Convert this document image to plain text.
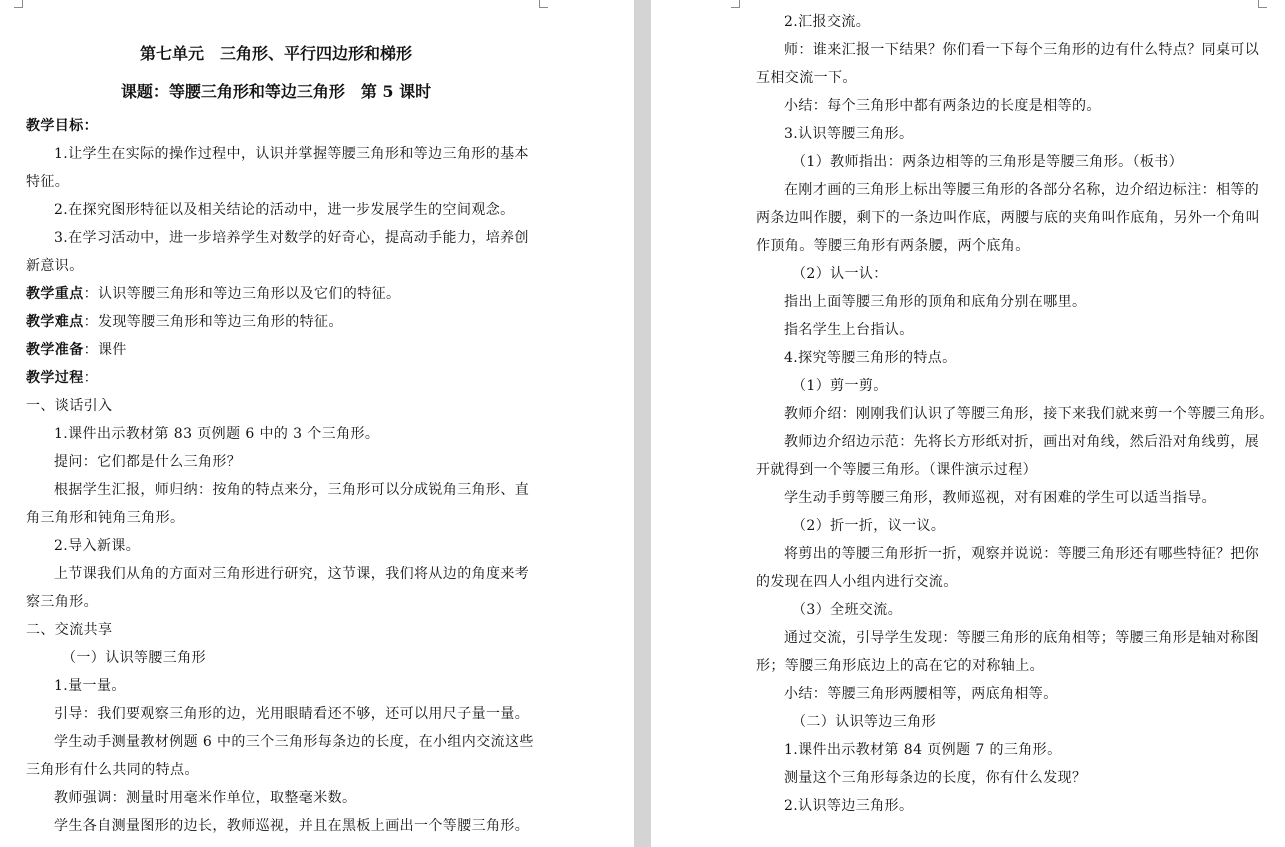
第七单元　三角形、平行四边形和梯形
课题：等腰三角形和等边三角形　第 5 课时
教学目标：
1.让学生在实际的操作过程中，认识并掌握等腰三角形和等边三角形的基本
特征。
2.在探究图形特征以及相关结论的活动中，进一步发展学生的空间观念。
3.在学习活动中，进一步培养学生对数学的好奇心，提高动手能力，培养创
新意识。
教学重点：认识等腰三角形和等边三角形以及它们的特征。
教学难点：发现等腰三角形和等边三角形的特征。
教学准备：课件
教学过程：
一、谈话引入
1.课件出示教材第 83 页例题 6 中的 3 个三角形。
提问：它们都是什么三角形？
根据学生汇报，师归纳：按角的特点来分，三角形可以分成锐角三角形、直
角三角形和钝角三角形。
2.导入新课。
上节课我们从角的方面对三角形进行研究，这节课，我们将从边的角度来考
察三角形。
二、交流共享
（一）认识等腰三角形
1.量一量。
引导：我们要观察三角形的边，光用眼睛看还不够，还可以用尺子量一量。
学生动手测量教材例题 6 中的三个三角形每条边的长度，在小组内交流这些
三角形有什么共同的特点。
教师强调：测量时用毫米作单位，取整毫米数。
学生各自测量图形的边长，教师巡视，并且在黑板上画出一个等腰三角形。
2.汇报交流。
师：谁来汇报一下结果？你们看一下每个三角形的边有什么特点？同桌可以
互相交流一下。
小结：每个三角形中都有两条边的长度是相等的。
3.认识等腰三角形。
（1）教师指出：两条边相等的三角形是等腰三角形。（板书）
在刚才画的三角形上标出等腰三角形的各部分名称，边介绍边标注：相等的
两条边叫作腰，剩下的一条边叫作底，两腰与底的夹角叫作底角，另外一个角叫
作顶角。等腰三角形有两条腰，两个底角。
（2）认一认：
指出上面等腰三角形的顶角和底角分别在哪里。
指名学生上台指认。
4.探究等腰三角形的特点。
（1）剪一剪。
教师介绍：刚刚我们认识了等腰三角形，接下来我们就来剪一个等腰三角形。
教师边介绍边示范：先将长方形纸对折，画出对角线，然后沿对角线剪，展
开就得到一个等腰三角形。（课件演示过程）
学生动手剪等腰三角形，教师巡视，对有困难的学生可以适当指导。
（2）折一折，议一议。
将剪出的等腰三角形折一折，观察并说说：等腰三角形还有哪些特征？把你
的发现在四人小组内进行交流。
（3）全班交流。
通过交流，引导学生发现：等腰三角形的底角相等；等腰三角形是轴对称图
形；等腰三角形底边上的高在它的对称轴上。
小结：等腰三角形两腰相等，两底角相等。
（二）认识等边三角形
1.课件出示教材第 84 页例题 7 的三角形。
测量这个三角形每条边的长度，你有什么发现？
2.认识等边三角形。
